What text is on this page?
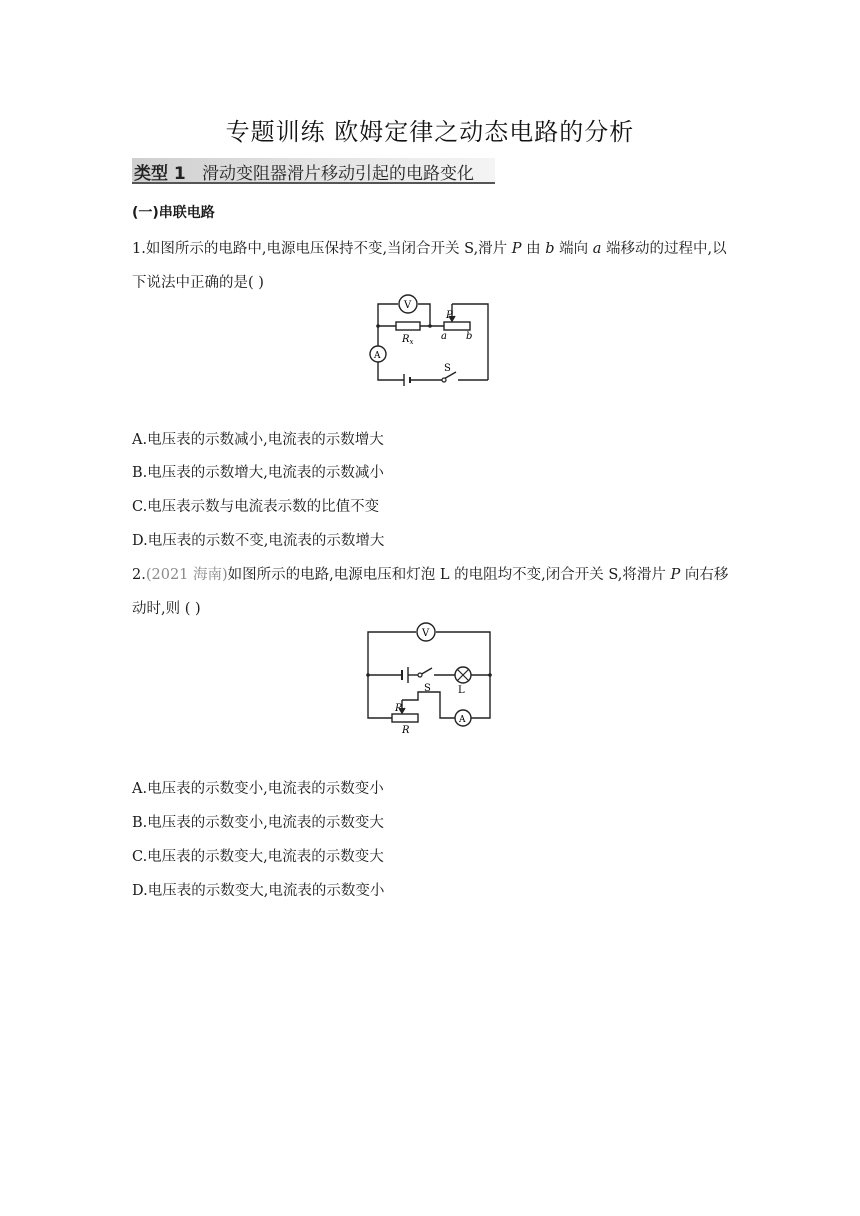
专题训练 欧姆定律之动态电路的分析
类型 1 滑动变阻器滑片移动引起的电路变化
(一)串联电路
1.如图所示的电路中,电源电压保持不变,当闭合开关 S,滑片 P 由 b 端向 a 端移动的过程中,以
下说法中正确的是( )
V
A
$R_x$
P
a b
S
A.电压表的示数减小,电流表的示数增大
B.电压表的示数增大,电流表的示数减小
C.电压表示数与电流表示数的比值不变
D.电压表的示数不变,电流表的示数增大
2.(2021 海南)如图所示的电路,电源电压和灯泡 L 的电阻均不变,闭合开关 S,将滑片 P 向右移
动时,则 ( )
V
A
S	L
P
R
A.电压表的示数变小,电流表的示数变小
B.电压表的示数变小,电流表的示数变大
C.电压表的示数变大,电流表的示数变大
D.电压表的示数变大,电流表的示数变小
